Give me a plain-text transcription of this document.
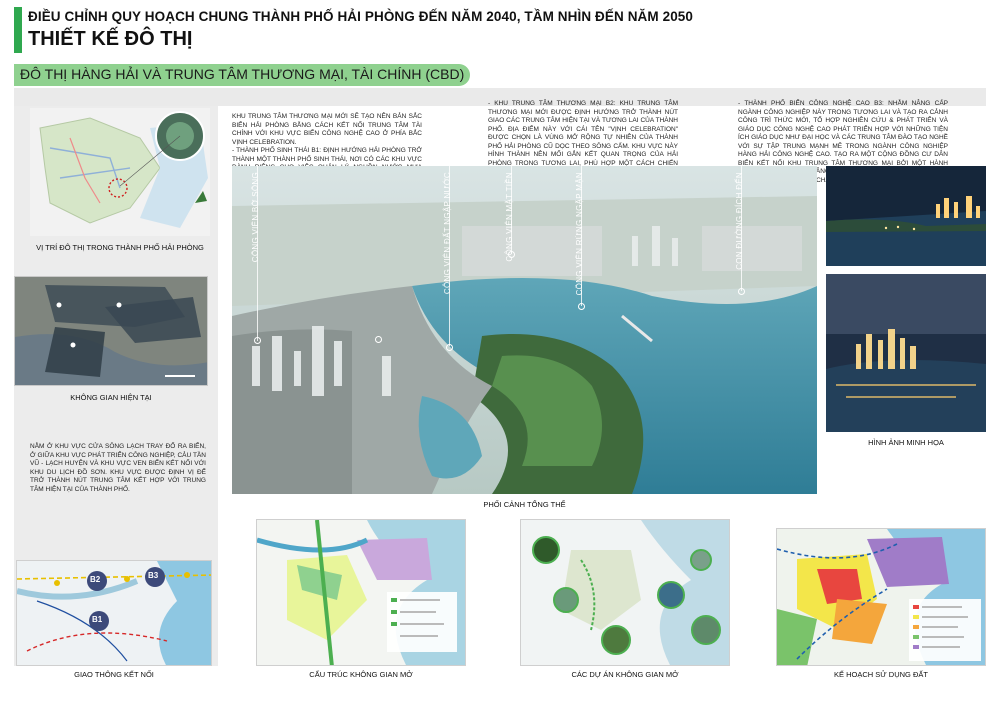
ĐIỀU CHỈNH QUY HOẠCH CHUNG THÀNH PHỐ HẢI PHÒNG ĐẾN NĂM 2040, TẦM NHÌN ĐẾN NĂM 2050
THIẾT KẾ ĐÔ THỊ
ĐÔ THỊ HÀNG HẢI VÀ TRUNG TÂM THƯƠNG MẠI, TÀI CHÍNH (CBD)
VỊ TRÍ ĐÔ THỊ TRONG THÀNH PHỐ HẢI PHÒNG
KHÔNG GIAN HIỆN TẠI
NẰM Ở KHU VỰC CỬA SÔNG LẠCH TRAY ĐỔ RA BIỂN, Ở GIỮA KHU VỰC PHÁT TRIỂN CÔNG NGHIỆP, CẢU TẦN VŨ - LẠCH HUYỆN VÀ KHU VỰC VEN BIỂN KẾT NỐI VỚI KHU DU LỊCH ĐỒ SƠN. KHU VỰC ĐƯỢC ĐỊNH VỊ ĐỂ TRỞ THÀNH NÚT TRUNG TÂM KẾT HỢP VỚI TRUNG TÂM HIỆN TẠI CỦA THÀNH PHỐ.
B2	B3
B1
GIAO THÔNG KẾT NỐI
KHU TRUNG TÂM THƯƠNG MẠI MỚI SẼ TẠO NÊN BẢN SẮC BIỂN HẢI PHÒNG BẰNG CÁCH KẾT NỐI TRUNG TÂM TÀI CHÍNH VỚI KHU VỰC BIỂN CÔNG NGHỆ CAO Ở PHÍA BẮC VỊNH CELEBRATION.
- THÀNH PHỐ SINH THÁI B1: ĐỊNH HƯỚNG HẢI PHÒNG TRỞ THÀNH MỘT THÀNH PHỐ SINH THÁI, NƠI CÓ CÁC KHU VỰC
- KHU TRUNG TÂM THƯƠNG MẠI B2: KHU TRUNG TÂM THƯƠNG MẠI MỚI ĐƯỢC ĐỊNH HƯỚNG TRỞ THÀNH NÚT GIAO CÁC TRUNG TÂM HIỆN TẠI VÀ TƯƠNG LAI CỦA THÀNH PHỐ. ĐỊA ĐIỂM NÀY VỚI CÁI TÊN "VỊNH CELEBRATION" ĐƯỢC CHỌN LÀ VÙNG MỞ RỘNG TỰ NHIÊN CỦA THÀNH PHỐ HẢI PHÒNG CŨ DỌC THEO SÔNG CẤM. KHU VỰC NÀY HÌNH THÀNH NÊN MỐI GẮN KẾT QUAN TRỌNG CỦA HẢI PHÒNG TRONG TƯƠNG LAI, PHÙ HỢP MỘT CÁCH CHIẾN
- THÀNH PHỐ BIỂN CÔNG NGHỆ CAO B3: NHẰM NÂNG CẤP NGÀNH CÔNG NGHIỆP NÀY TRONG TƯƠNG LAI VÀ TẠO RA CẢNH CÔNG TRÌ THỨC MỚI, TỔ HỢP NGHIÊN CỨU & PHÁT TRIỂN VÀ GIÁO DỤC CÔNG NGHỆ CAO PHÁT TRIỂN HỢP VỚI NHỮNG TIỆN ÍCH GIÁO DỤC NHƯ ĐẠI HỌC VÀ CÁC TRUNG TÂM ĐÀO TẠO NGHỀ VỚI SỰ TẬP TRUNG MẠNH MẼ TRONG NGÀNH CÔNG NGHIỆP HÀNG HẢI CÔNG NGHỆ CAO. TẠO RA MỘT CỘNG ĐỒNG CƯ DÂN BIỂN KẾT NỐI KHU TRUNG TÂM THƯƠNG MẠI BỞI MỘT HÀNH NÂNG CHẤT
CÔNG VIÊN BỜ SÔNG	CÔNG VIÊN ĐẤT NGẬP NƯỚC	CÔNG VIÊN MẶT TIỀN	CÔNG VIÊN RỪNG NGẬP MẶN	CON ĐƯỜNG ĐÍCH ĐẾN
PHỐI CẢNH TỔNG THỂ
HÌNH ẢNH MINH HỌA
CẤU TRÚC KHÔNG GIAN MỞ	CÁC DỰ ÁN KHÔNG GIAN MỞ	KẾ HOẠCH SỬ DỤNG ĐẤT
